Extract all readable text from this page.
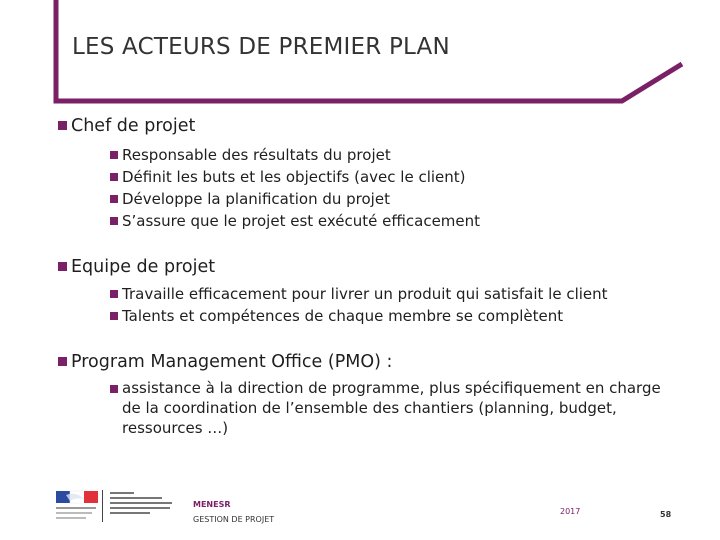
LES ACTEURS DE PREMIER PLAN
Chef de projet
Responsable des résultats du projet
Définit les buts et les objectifs (avec le client)
Développe la planification du projet
S’assure que le projet est exécuté efficacement
Equipe de projet
Travaille efficacement pour livrer un produit qui satisfait le client
Talents et compétences de chaque membre se complètent
Program Management Office (PMO) :
assistance à la direction de programme, plus spécifiquement en charge de la coordination de l’ensemble des chantiers (planning, budget, ressources …)
MENESR
GESTION DE PROJET
2017	58
